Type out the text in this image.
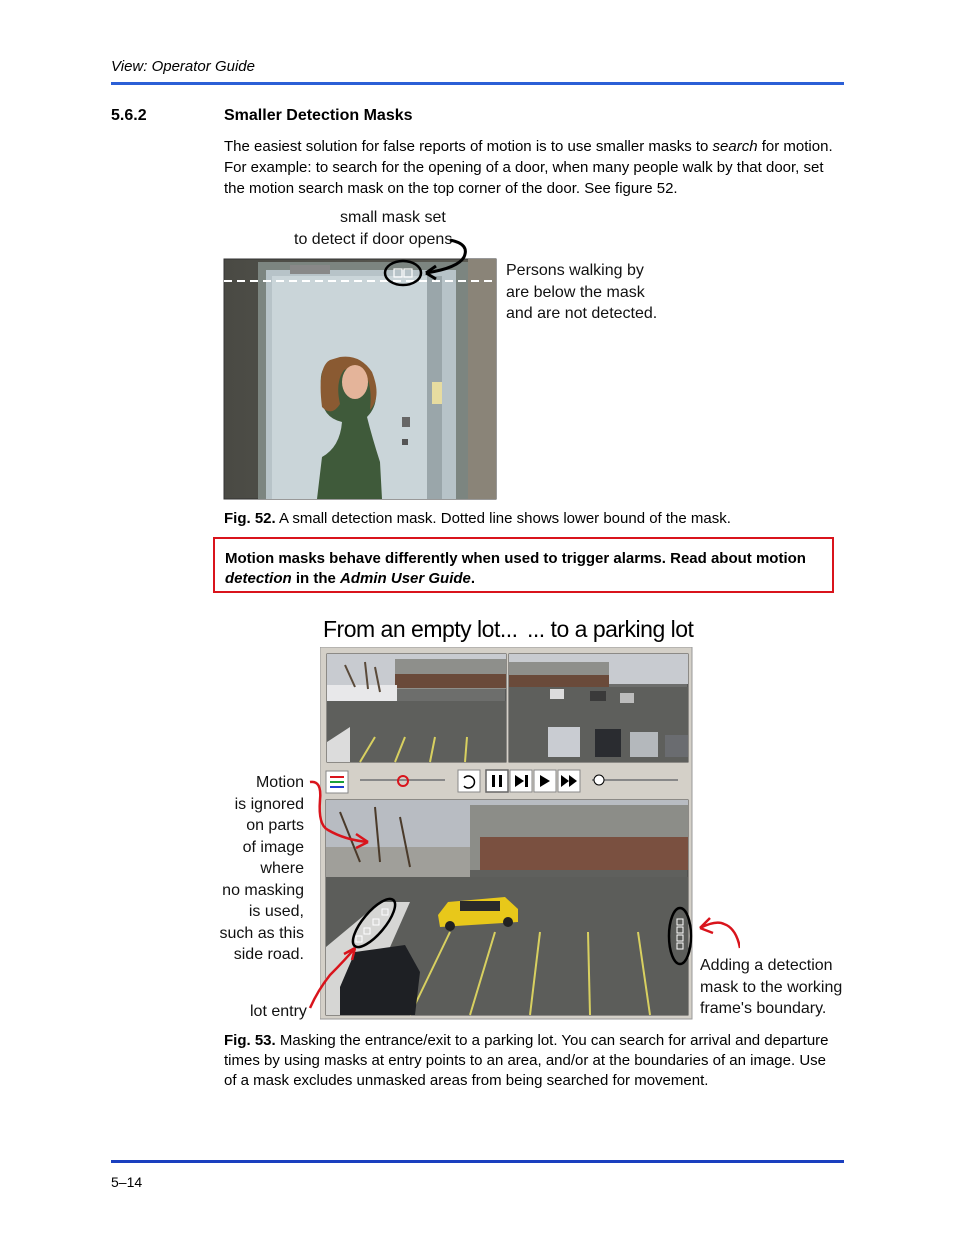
View: Operator Guide
5.6.2	Smaller Detection Masks
The easiest solution for false reports of motion is to use smaller masks to search for motion. For example: to search for the opening of a door, when many people walk by that door, set the motion search mask on the top corner of the door. See figure 52.
small mask set
to detect if door opens
Persons walking by
are below the mask
and are not detected.
Fig. 52. A small detection mask. Dotted line shows lower bound of the mask.
Motion masks behave differently when used to trigger alarms. Read about motion detection in the Admin User Guide.
From an empty lot... ... to a parking lot
Motion
is ignored
on parts
of image
where
no masking
is used,
such as this
side road.
lot entry
Adding a detection
mask to the working
frame's boundary.
Fig. 53. Masking the entrance/exit to a parking lot. You can search for arrival and departure times by using masks at entry points to an area, and/or at the boundaries of an image. Use of a mask excludes unmasked areas from being searched for movement.
5–14
